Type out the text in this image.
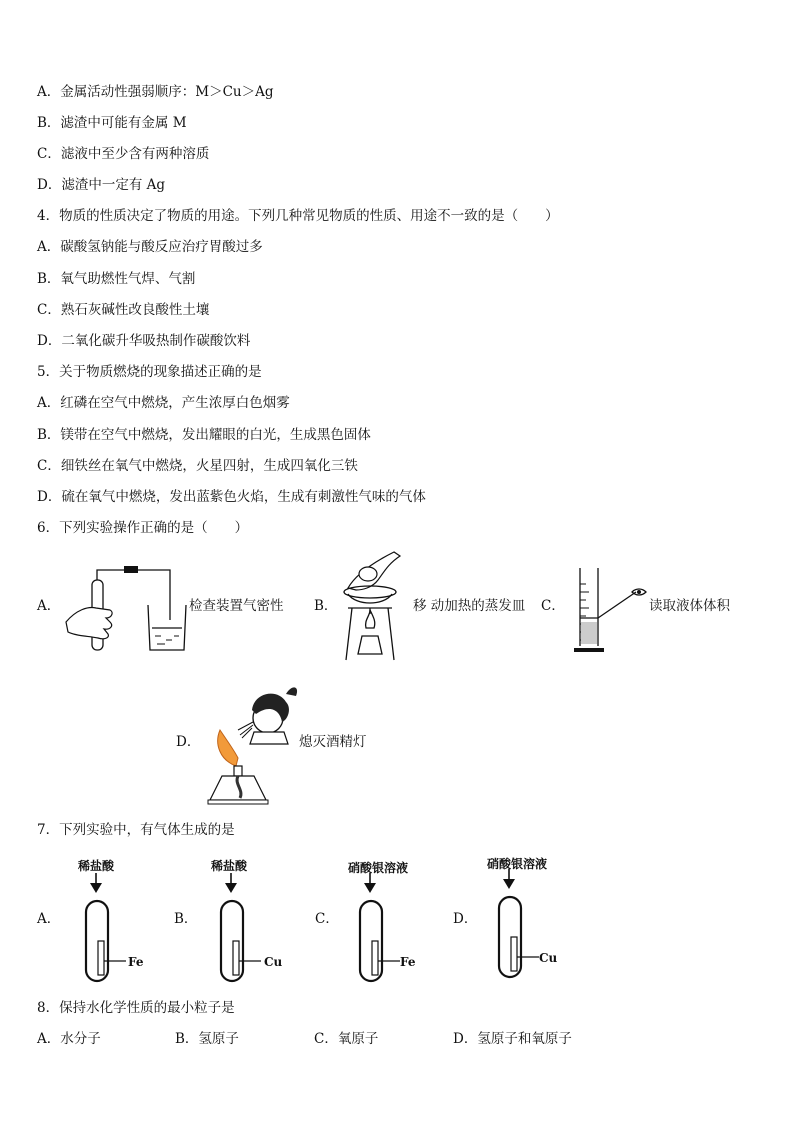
A．金属活动性强弱顺序：M＞Cu＞Ag
B．滤渣中可能有金属 M
C．滤液中至少含有两种溶质
D．滤渣中一定有 Ag
4．物质的性质决定了物质的用途。下列几种常见物质的性质、用途不一致的是（　　）
A．碳酸氢钠能与酸反应治疗胃酸过多
B．氧气助燃性气焊、气割
C．熟石灰碱性改良酸性土壤
D．二氧化碳升华吸热制作碳酸饮料
5．关于物质燃烧的现象描述正确的是
A．红磷在空气中燃烧，产生浓厚白色烟雾
B．镁带在空气中燃烧，发出耀眼的白光，生成黑色固体
C．细铁丝在氧气中燃烧，火星四射，生成四氧化三铁
D．硫在氧气中燃烧，发出蓝紫色火焰，生成有刺激性气味的气体
6．下列实验操作正确的是（　　）
A．	检查装置气密性 B．	移 动加热的蒸发皿 C．	读取液体体积
D．	熄灭酒精灯
7．下列实验中，有气体生成的是
A．
稀盐酸
Fe
B．
稀盐酸
Cu
C．
硝酸银溶液
Fe
D．
硝酸银溶液
Cu
8．保持水化学性质的最小粒子是
A．水分子	B．氢原子	C．氧原子	D．氢原子和氧原子
